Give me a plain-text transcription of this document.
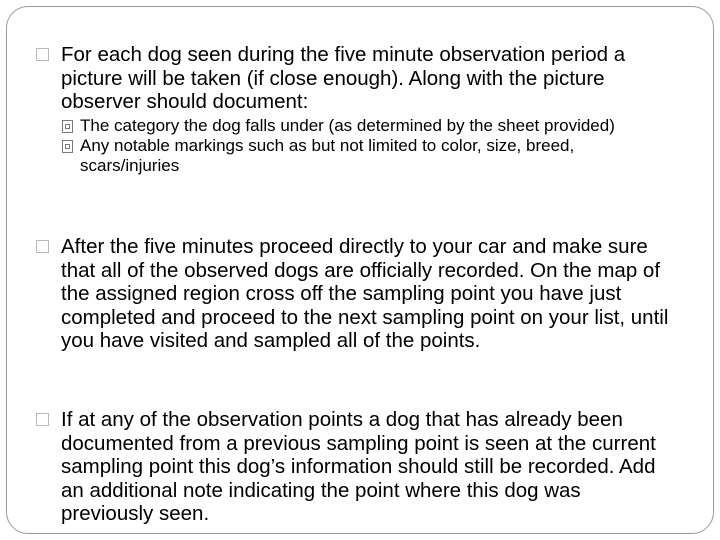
For each dog seen during the five minute observation period a picture will be taken (if close enough). Along with the picture observer should document:
The category the dog falls under (as determined by the sheet provided)
Any notable markings such as but not limited to color, size, breed, scars/injuries
After the five minutes proceed directly to your car and make sure that all of the observed dogs are officially recorded. On the map of the assigned region cross off the sampling point you have just completed and proceed to the next sampling point on your list, until you have visited and sampled all of the points.
If at any of the observation points a dog that has already been documented from a previous sampling point is seen at the current sampling point this dog’s information should still be recorded. Add an additional note indicating the point where this dog was previously seen.
